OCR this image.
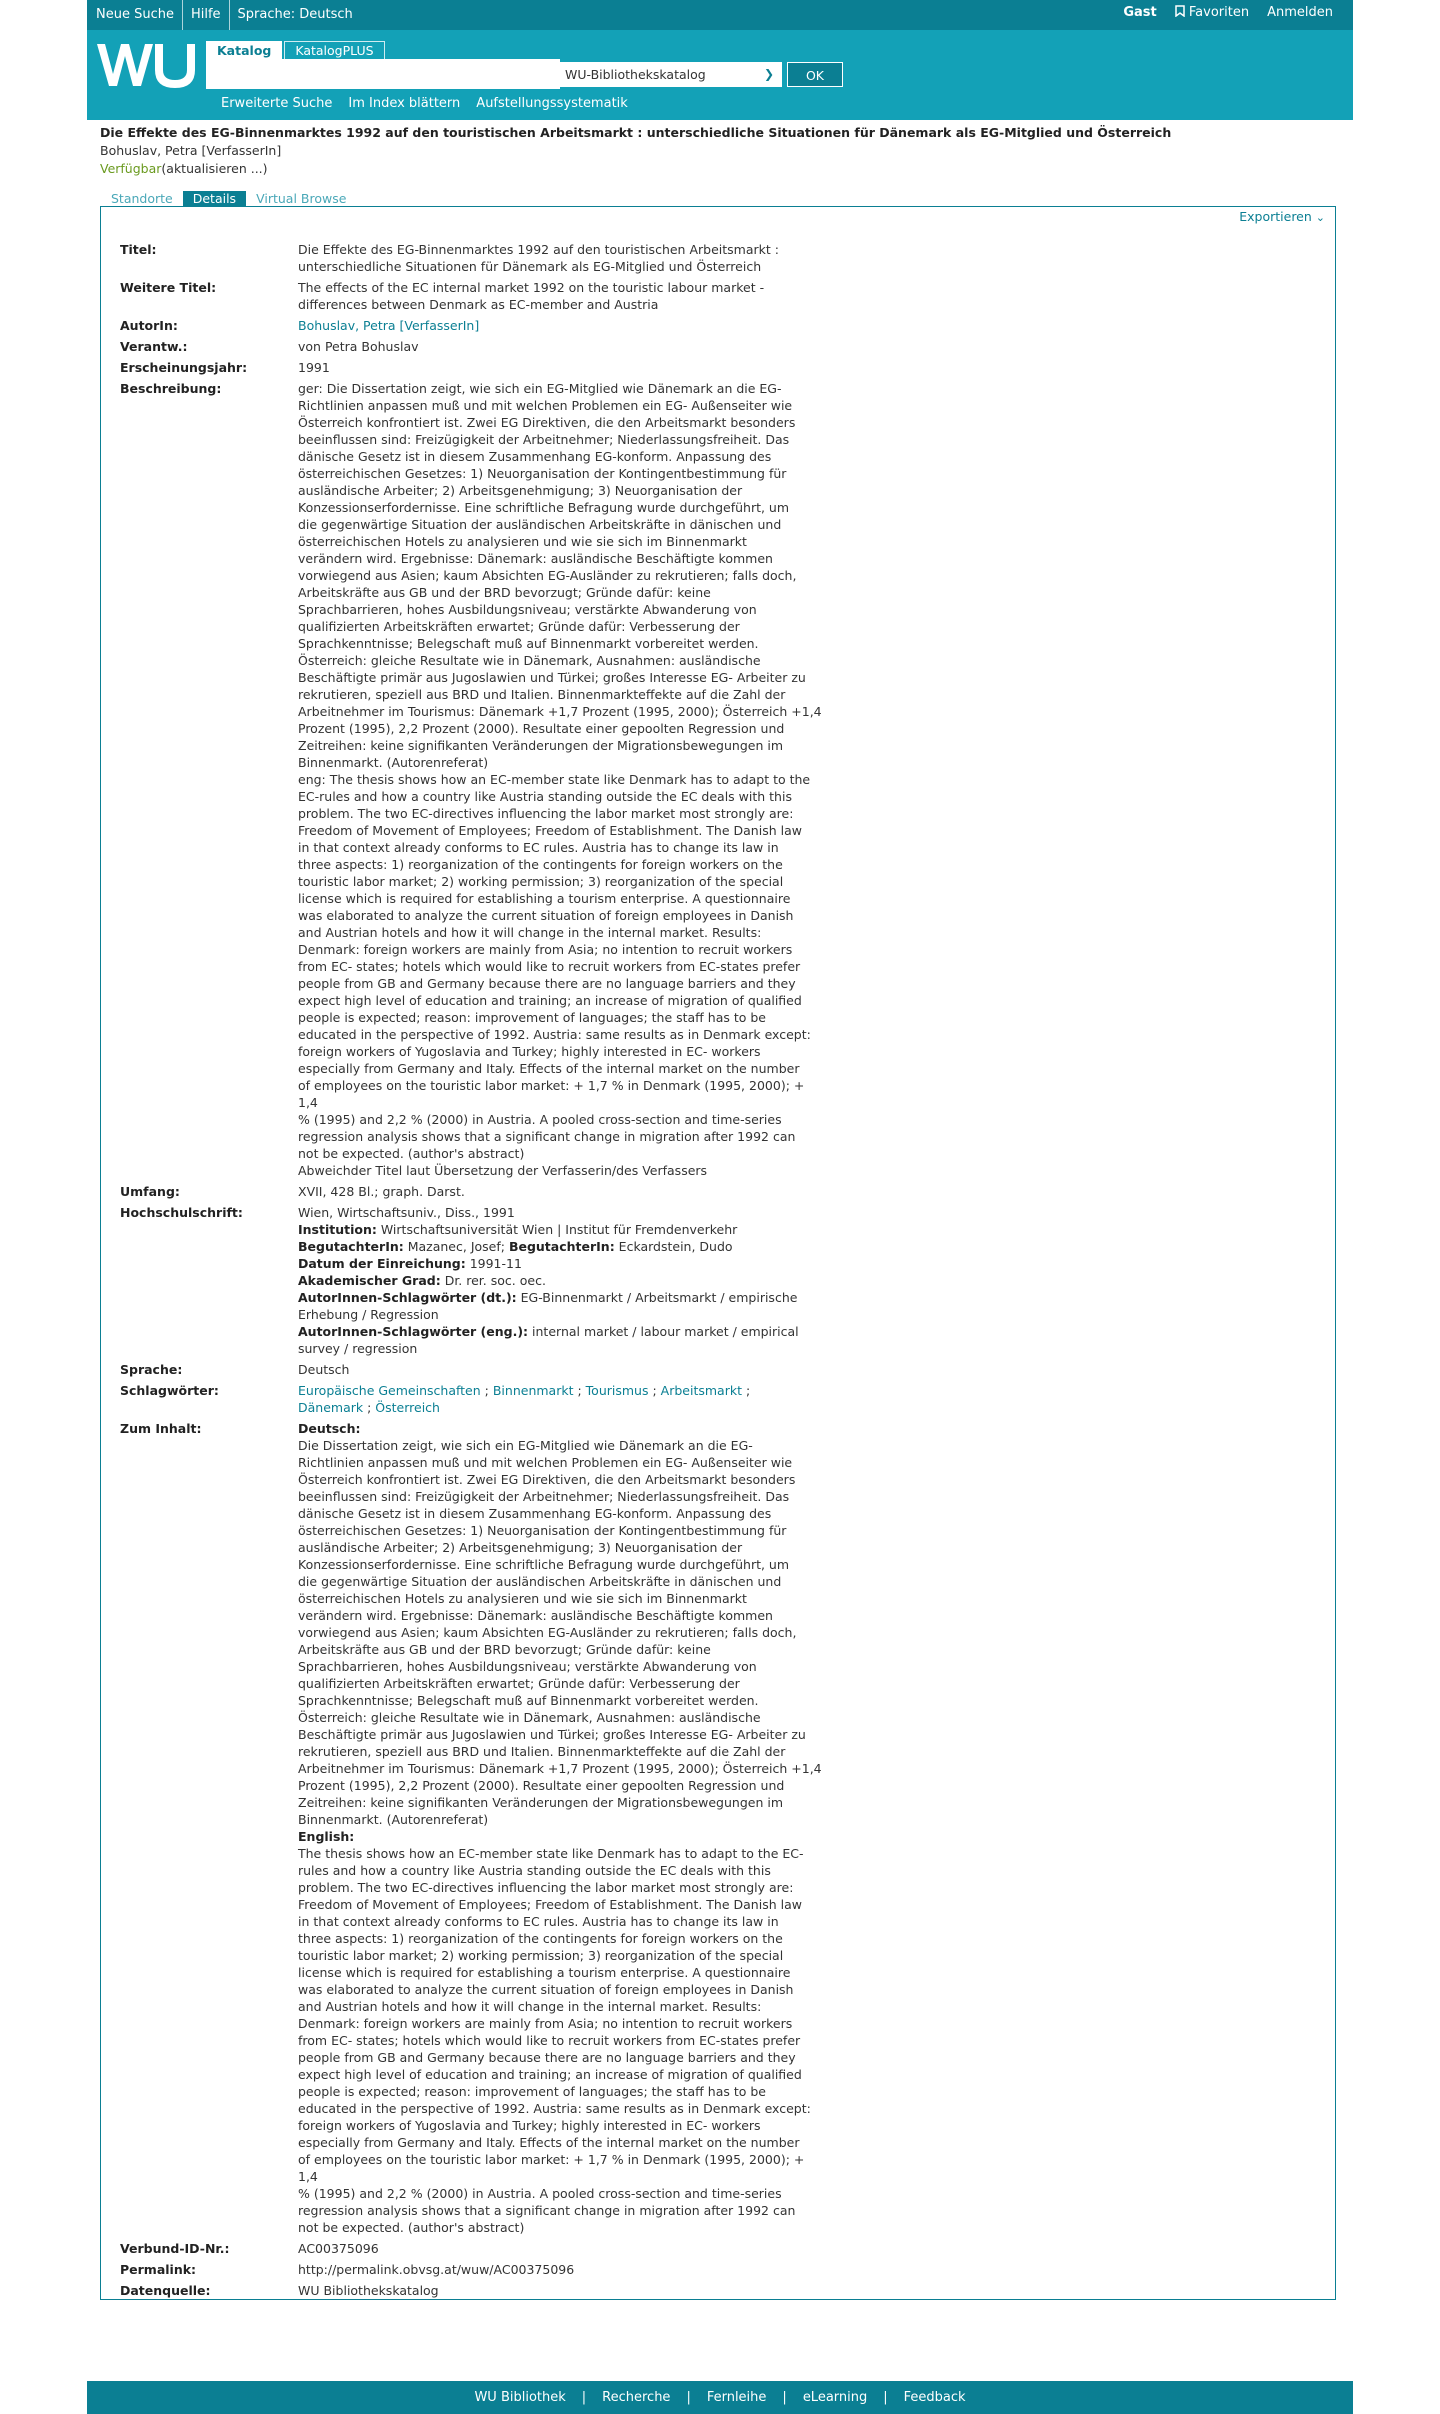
Neue Suche	Hilfe	Sprache: Deutsch	Gast	Favoriten Anmelden
Katalog	KatalogPLUS
WU-Bibliothekskatalog	❯	OK
Erweiterte Suche Im Index blättern Aufstellungssystematik
Die Effekte des EG-Binnenmarktes 1992 auf den touristischen Arbeitsmarkt : unterschiedliche Situationen für Dänemark als EG-Mitglied und Österreich
Bohuslav, Petra [VerfasserIn]
Verfügbar(aktualisieren ...)
Standorte	Details	Virtual Browse
Exportieren ⌄
Titel:	Die Effekte des EG-Binnenmarktes 1992 auf den touristischen Arbeitsmarkt :
unterschiedliche Situationen für Dänemark als EG-Mitglied und Österreich
Weitere Titel:	The effects of the EC internal market 1992 on the touristic labour market -
differences between Denmark as EC-member and Austria
AutorIn:	Bohuslav, Petra [VerfasserIn]
Verantw.:	von Petra Bohuslav
Erscheinungsjahr:	1991
Beschreibung:	ger: Die Dissertation zeigt, wie sich ein EG-Mitglied wie Dänemark an die EG-
Richtlinien anpassen muß und mit welchen Problemen ein EG- Außenseiter wie
Österreich konfrontiert ist. Zwei EG Direktiven, die den Arbeitsmarkt besonders
beeinflussen sind: Freizügigkeit der Arbeitnehmer; Niederlassungsfreiheit. Das
dänische Gesetz ist in diesem Zusammenhang EG-konform. Anpassung des
österreichischen Gesetzes: 1) Neuorganisation der Kontingentbestimmung für
ausländische Arbeiter; 2) Arbeitsgenehmigung; 3) Neuorganisation der
Konzessionserfordernisse. Eine schriftliche Befragung wurde durchgeführt, um
die gegenwärtige Situation der ausländischen Arbeitskräfte in dänischen und
österreichischen Hotels zu analysieren und wie sie sich im Binnenmarkt
verändern wird. Ergebnisse: Dänemark: ausländische Beschäftigte kommen
vorwiegend aus Asien; kaum Absichten EG-Ausländer zu rekrutieren; falls doch,
Arbeitskräfte aus GB und der BRD bevorzugt; Gründe dafür: keine
Sprachbarrieren, hohes Ausbildungsniveau; verstärkte Abwanderung von
qualifizierten Arbeitskräften erwartet; Gründe dafür: Verbesserung der
Sprachkenntnisse; Belegschaft muß auf Binnenmarkt vorbereitet werden.
Österreich: gleiche Resultate wie in Dänemark, Ausnahmen: ausländische
Beschäftigte primär aus Jugoslawien und Türkei; großes Interesse EG- Arbeiter zu
rekrutieren, speziell aus BRD und Italien. Binnenmarkteffekte auf die Zahl der
Arbeitnehmer im Tourismus: Dänemark +1,7 Prozent (1995, 2000); Österreich +1,4
Prozent (1995), 2,2 Prozent (2000). Resultate einer gepoolten Regression und
Zeitreihen: keine signifikanten Veränderungen der Migrationsbewegungen im
Binnenmarkt. (Autorenreferat)
eng: The thesis shows how an EC-member state like Denmark has to adapt to the
EC-rules and how a country like Austria standing outside the EC deals with this
problem. The two EC-directives influencing the labor market most strongly are:
Freedom of Movement of Employees; Freedom of Establishment. The Danish law
in that context already conforms to EC rules. Austria has to change its law in
three aspects: 1) reorganization of the contingents for foreign workers on the
touristic labor market; 2) working permission; 3) reorganization of the special
license which is required for establishing a tourism enterprise. A questionnaire
was elaborated to analyze the current situation of foreign employees in Danish
and Austrian hotels and how it will change in the internal market. Results:
Denmark: foreign workers are mainly from Asia; no intention to recruit workers
from EC- states; hotels which would like to recruit workers from EC-states prefer
people from GB and Germany because there are no language barriers and they
expect high level of education and training; an increase of migration of qualified
people is expected; reason: improvement of languages; the staff has to be
educated in the perspective of 1992. Austria: same results as in Denmark except:
foreign workers of Yugoslavia and Turkey; highly interested in EC- workers
especially from Germany and Italy. Effects of the internal market on the number
of employees on the touristic labor market: + 1,7 % in Denmark (1995, 2000); + 1,4
% (1995) and 2,2 % (2000) in Austria. A pooled cross-section and time-series
regression analysis shows that a significant change in migration after 1992 can
not be expected. (author's abstract)
Abweichder Titel laut Übersetzung der Verfasserin/des Verfassers
Umfang:	XVII, 428 Bl.; graph. Darst.
Hochschulschrift:	Wien, Wirtschaftsuniv., Diss., 1991
Institution: Wirtschaftsuniversität Wien | Institut für Fremdenverkehr
BegutachterIn: Mazanec, Josef; BegutachterIn: Eckardstein, Dudo
Datum der Einreichung: 1991-11
Akademischer Grad: Dr. rer. soc. oec.
AutorInnen-Schlagwörter (dt.): EG-Binnenmarkt / Arbeitsmarkt / empirische
Erhebung / Regression
AutorInnen-Schlagwörter (eng.): internal market / labour market / empirical
survey / regression
Sprache:	Deutsch
Schlagwörter:	Europäische Gemeinschaften ; Binnenmarkt ; Tourismus ; Arbeitsmarkt ;
Dänemark ; Österreich
Zum Inhalt:	Deutsch:
Die Dissertation zeigt, wie sich ein EG-Mitglied wie Dänemark an die EG-
Richtlinien anpassen muß und mit welchen Problemen ein EG- Außenseiter wie
Österreich konfrontiert ist. Zwei EG Direktiven, die den Arbeitsmarkt besonders
beeinflussen sind: Freizügigkeit der Arbeitnehmer; Niederlassungsfreiheit. Das
dänische Gesetz ist in diesem Zusammenhang EG-konform. Anpassung des
österreichischen Gesetzes: 1) Neuorganisation der Kontingentbestimmung für
ausländische Arbeiter; 2) Arbeitsgenehmigung; 3) Neuorganisation der
Konzessionserfordernisse. Eine schriftliche Befragung wurde durchgeführt, um
die gegenwärtige Situation der ausländischen Arbeitskräfte in dänischen und
österreichischen Hotels zu analysieren und wie sie sich im Binnenmarkt
verändern wird. Ergebnisse: Dänemark: ausländische Beschäftigte kommen
vorwiegend aus Asien; kaum Absichten EG-Ausländer zu rekrutieren; falls doch,
Arbeitskräfte aus GB und der BRD bevorzugt; Gründe dafür: keine
Sprachbarrieren, hohes Ausbildungsniveau; verstärkte Abwanderung von
qualifizierten Arbeitskräften erwartet; Gründe dafür: Verbesserung der
Sprachkenntnisse; Belegschaft muß auf Binnenmarkt vorbereitet werden.
Österreich: gleiche Resultate wie in Dänemark, Ausnahmen: ausländische
Beschäftigte primär aus Jugoslawien und Türkei; großes Interesse EG- Arbeiter zu
rekrutieren, speziell aus BRD und Italien. Binnenmarkteffekte auf die Zahl der
Arbeitnehmer im Tourismus: Dänemark +1,7 Prozent (1995, 2000); Österreich +1,4
Prozent (1995), 2,2 Prozent (2000). Resultate einer gepoolten Regression und
Zeitreihen: keine signifikanten Veränderungen der Migrationsbewegungen im
Binnenmarkt. (Autorenreferat)
English:
The thesis shows how an EC-member state like Denmark has to adapt to the EC-
rules and how a country like Austria standing outside the EC deals with this
problem. The two EC-directives influencing the labor market most strongly are:
Freedom of Movement of Employees; Freedom of Establishment. The Danish law
in that context already conforms to EC rules. Austria has to change its law in
three aspects: 1) reorganization of the contingents for foreign workers on the
touristic labor market; 2) working permission; 3) reorganization of the special
license which is required for establishing a tourism enterprise. A questionnaire
was elaborated to analyze the current situation of foreign employees in Danish
and Austrian hotels and how it will change in the internal market. Results:
Denmark: foreign workers are mainly from Asia; no intention to recruit workers
from EC- states; hotels which would like to recruit workers from EC-states prefer
people from GB and Germany because there are no language barriers and they
expect high level of education and training; an increase of migration of qualified
people is expected; reason: improvement of languages; the staff has to be
educated in the perspective of 1992. Austria: same results as in Denmark except:
foreign workers of Yugoslavia and Turkey; highly interested in EC- workers
especially from Germany and Italy. Effects of the internal market on the number
of employees on the touristic labor market: + 1,7 % in Denmark (1995, 2000); + 1,4
% (1995) and 2,2 % (2000) in Austria. A pooled cross-section and time-series
regression analysis shows that a significant change in migration after 1992 can
not be expected. (author's abstract)
Verbund-ID-Nr.:	AC00375096
Permalink:	http://permalink.obvsg.at/wuw/AC00375096
Datenquelle:	WU Bibliothekskatalog
WU Bibliothek | Recherche | Fernleihe | eLearning | Feedback
